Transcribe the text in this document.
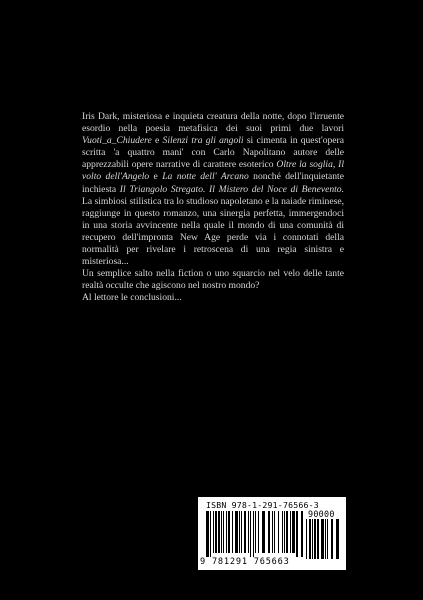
Iris Dark, misteriosa e inquieta creatura della notte, dopo l'irruente esordio nella poesia metafisica dei suoi primi due lavori Vuoti_a_Chiudere e Silenzi tra gli angoli si cimenta in quest'opera scritta 'a quattro mani' con Carlo Napolitano autore delle apprezzabili opere narrative di carattere esoterico Oltre la soglia, Il volto dell'Angelo e La notte dell' Arcano nonché dell'inquietante inchiesta Il Triangolo Stregato. Il Mistero del Noce di Benevento. La simbiosi stilistica tra lo studioso napoletano e la naiade riminese, raggiunge in questo romanzo, una sinergia perfetta, immergendoci in una storia avvincente nella quale il mondo di una comunità di recupero dell'impronta New Age perde via i connotati della normalità per rivelare i retroscena di una regia sinistra e misteriosa...

Un semplice salto nella fiction o uno squarcio nel velo delle tante realtà occulte che agiscono nel nostro mondo?

Al lettore le conclusioni...

ISBN 978-1-291-76566-3
90000
9 781291 765663
